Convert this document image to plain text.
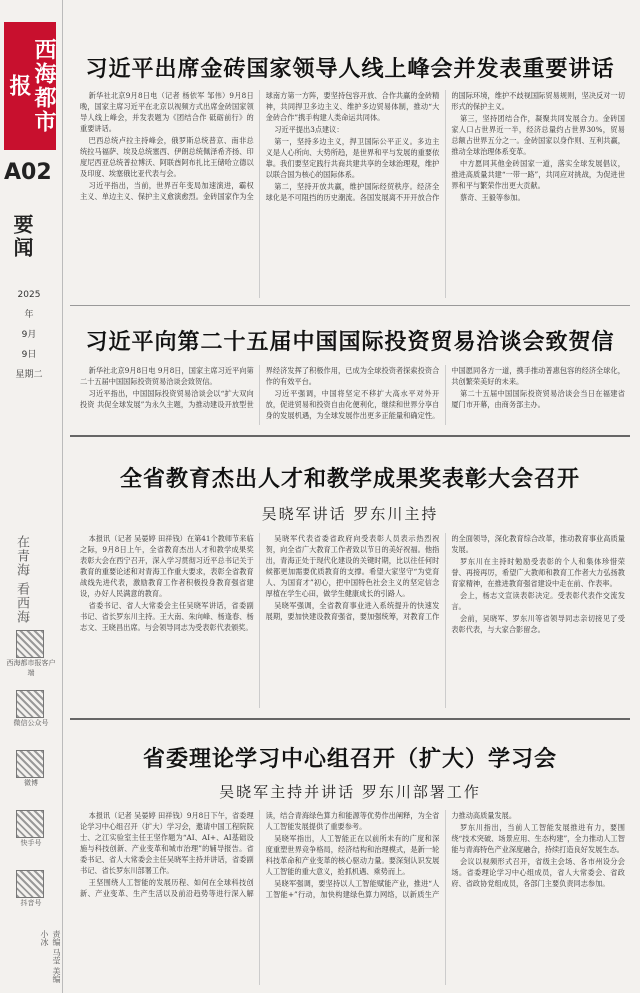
西海都市报
A02
要闻
2025年
9月
9日
星期二
在青海 看西海
西海都市报客户端
微信公众号
微博
快手号
抖音号
责编 马莹 美编 小冰
习近平出席金砖国家领导人线上峰会并发表重要讲话

新华社北京9月8日电（记者 杨依军 邹伟）9月8日晚，国家主席习近平在北京以视频方式出席金砖国家领导人线上峰会，并发表题为《团结合作 砥砺前行》的重要讲话。

巴西总统卢拉主持峰会，俄罗斯总统普京、南非总统拉马福萨、埃及总统塞西、伊朗总统佩泽希齐扬、印度尼西亚总统普拉博沃、阿联酋阿布扎比王储哈立德以及印度、埃塞俄比亚代表与会。

习近平指出，当前，世界百年变局加速演进，霸权主义、单边主义、保护主义愈演愈烈。金砖国家作为全球南方第一方阵，要坚持包容开放、合作共赢的金砖精神，共同捍卫多边主义、维护多边贸易体制，推动“大金砖合作”携手构建人类命运共同体。

习近平提出3点建议：

第一，坚持多边主义，捍卫国际公平正义。多边主义是人心所向、大势所趋，是世界和平与发展的重要依靠。我们要坚定践行共商共建共享的全球治理观，维护以联合国为核心的国际体系。

第二，坚持开放共赢，维护国际经贸秩序。经济全球化是不可阻挡的历史潮流。各国发展离不开开放合作的国际环境，维护不歧视国际贸易规则，坚决反对一切形式的保护主义。

第三，坚持团结合作，凝聚共同发展合力。金砖国家人口占世界近一半，经济总量约占世界30%，贸易总额占世界五分之一。金砖国家以身作则、互利共赢，推动全球治理体系变革。

中方愿同其他金砖国家一道，落实全球发展倡议，推进高质量共建“一带一路”，共同应对挑战，为促进世界和平与繁荣作出更大贡献。

蔡奇、王毅等参加。

习近平向第二十五届中国国际投资贸易洽谈会致贺信

新华社北京9月8日电 9月8日，国家主席习近平向第二十五届中国国际投资贸易洽谈会致贺信。

习近平指出，中国国际投资贸易洽谈会以“扩大双向投资 共促全球发展”为永久主题，为推动建设开放型世界经济发挥了积极作用，已成为全球投资者探索投资合作的有效平台。

习近平强调，中国将坚定不移扩大高水平对外开放，促进贸易和投资自由化便利化，继续和世界分享自身的发展机遇，为全球发展作出更多正能量和确定性。中国愿同各方一道，携手推动普惠包容的经济全球化，共创繁荣美好的未来。

第二十五届中国国际投资贸易洽谈会当日在福建省厦门市开幕，由商务部主办。

全省教育杰出人才和教学成果奖表彰大会召开
吴晓军讲话 罗东川主持

本报讯（记者 吴晏婷 田祥钱）在第41个教师节来临之际，9月8日上午，全省教育杰出人才和教学成果奖表彰大会在西宁召开，深入学习贯彻习近平总书记关于教育的重要论述和对青海工作重大要求，表彰全省教育战线先进代表，激励教育工作者积极投身教育强省建设，办好人民满意的教育。

省委书记、省人大常委会主任吴晓军讲话，省委副书记、省长罗东川主持。王大南、朱向峰、杨逢春、杨志文、王晓昌出席。与会领导同志为受表彰代表颁奖。

吴晓军代表省委省政府向受表彰人员表示热烈祝贺，向全省广大教育工作者致以节日的美好祝福。他指出，青海正处于现代化建设的关键时期，比以往任何时候都更加需要优质教育的支撑。希望大家坚守“为党育人、为国育才”初心，把中国特色社会主义的坚定信念厚植在学生心田，做学生健康成长的引路人。

吴晓军强调，全省教育事业进入系统提升的快速发展期，要加快建设教育强省，要加强统筹，对教育工作的全面领导，深化教育综合改革，推动教育事业高质量发展。

罗东川在主持时勉励受表彰的个人和集体珍惜荣誉、再接再厉，希望广大教师和教育工作者大力弘扬教育家精神，在推进教育强省建设中走在前、作表率。

会上，杨志文宣读表彰决定。受表彰代表作交流发言。

会前，吴晓军、罗东川等省领导同志亲切接见了受表彰代表，与大家合影留念。

省委理论学习中心组召开（扩大）学习会
吴晓军主持并讲话 罗东川部署工作

本报讯（记者 吴晏婷 田祥钱）9月8日下午，省委理论学习中心组召开（扩大）学习会，邀请中国工程院院士、之江实验室主任王坚作题为“AI、AI+、AI基础设施与科技创新、产业变革和城市治理”的辅导报告。省委书记、省人大常委会主任吴晓军主持并讲话，省委副书记、省长罗东川部署工作。

王坚围绕人工智能的发展历程、如何在全球科技创新、产业变革、生产生活以及前沿趋势等进行深入解读，结合青海绿色算力和能源等优势作出阐释，为全省人工智能发展提供了重要参考。

吴晓军指出，人工智能正在以前所未有的广度和深度重塑世界竞争格局，经济结构和治理模式，是新一轮科技革命和产业变革的核心驱动力量。要深刻认识发展人工智能的重大意义，抢抓机遇、乘势而上。

吴晓军强调，要坚持以人工智能赋能产业，推进“人工智能+”行动，加快构建绿色算力网络，以新质生产力推动高质量发展。

罗东川指出，当前人工智能发展推进有力，要围绕“技术突破、场景应用、生态构建”，全力推动人工智能与青海特色产业深度融合，持续打造良好发展生态。

会议以视频形式召开，省级主会场、各市州设分会场。省委理论学习中心组成员，省人大常委会、省政府、省政协党组成员，各部门主要负责同志参加。
